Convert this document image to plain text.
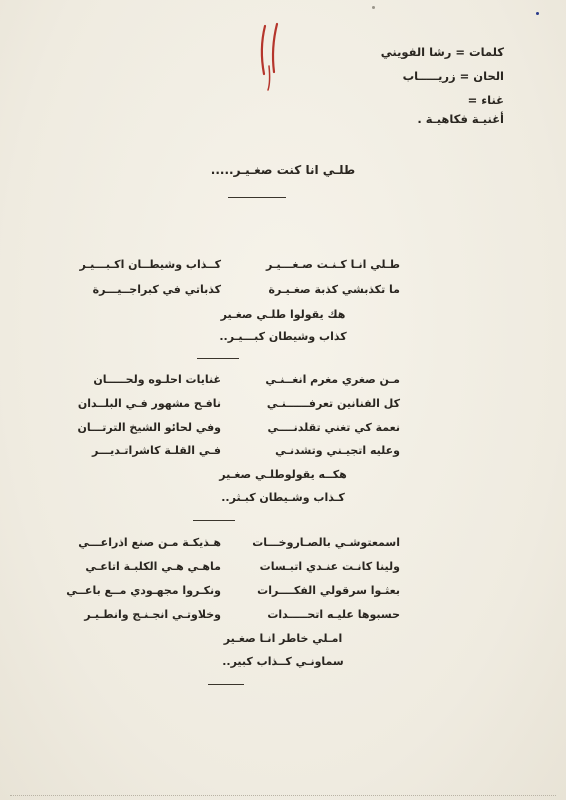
كلمات = رشا الفويني
الحان = زريـــــاب
غناء =
أغنيـة فكاهيـة .
طلـي انا كنت صغـيـر.....
طـلي انـا كـنـت صـغـــيـر
كــذاب وشيطــان اكـبـــيـر
ما تكذبشي كذبة صغـيـرة
كذباتي في كبراجــيـــرة
هك يقولوا طلـي صغـير
كذاب وشيطان كبـــيـر..
مـن صغري مغرم انغــنـي
غنايات احلـوه ولحـــــان
كل الفنانين تعرفــــــنـي
نافـح مشهور فـي البلــدان
نعمة كي تغني تقلدنــــي
وفي لحائو الشيخ الترتـــان
وعليه اتجيـني وتشدنـي
فـي القلـة كاشراتـديـــر
هكــه يقولوطلـي صغـير
كـذاب وشـيطان كبـثر..
اسمعتوشـي بالصـاروخـــات
هـذيكـة مـن صنع اذراعـــي
ولينا كانـت عنـدي اتبـسات
ماهـي هـي الكلبـة اتاعـي
بعثـوا سرقولي الفكــــرات
ونكـروا مجهـودي مــع باعــي
حسبوها عليـه اتحـــــدات
وخلاوتـي انجـنـج وانطـيـر
امـلي خاطر انـا صغـير
سماونـي كــذاب كبير..
